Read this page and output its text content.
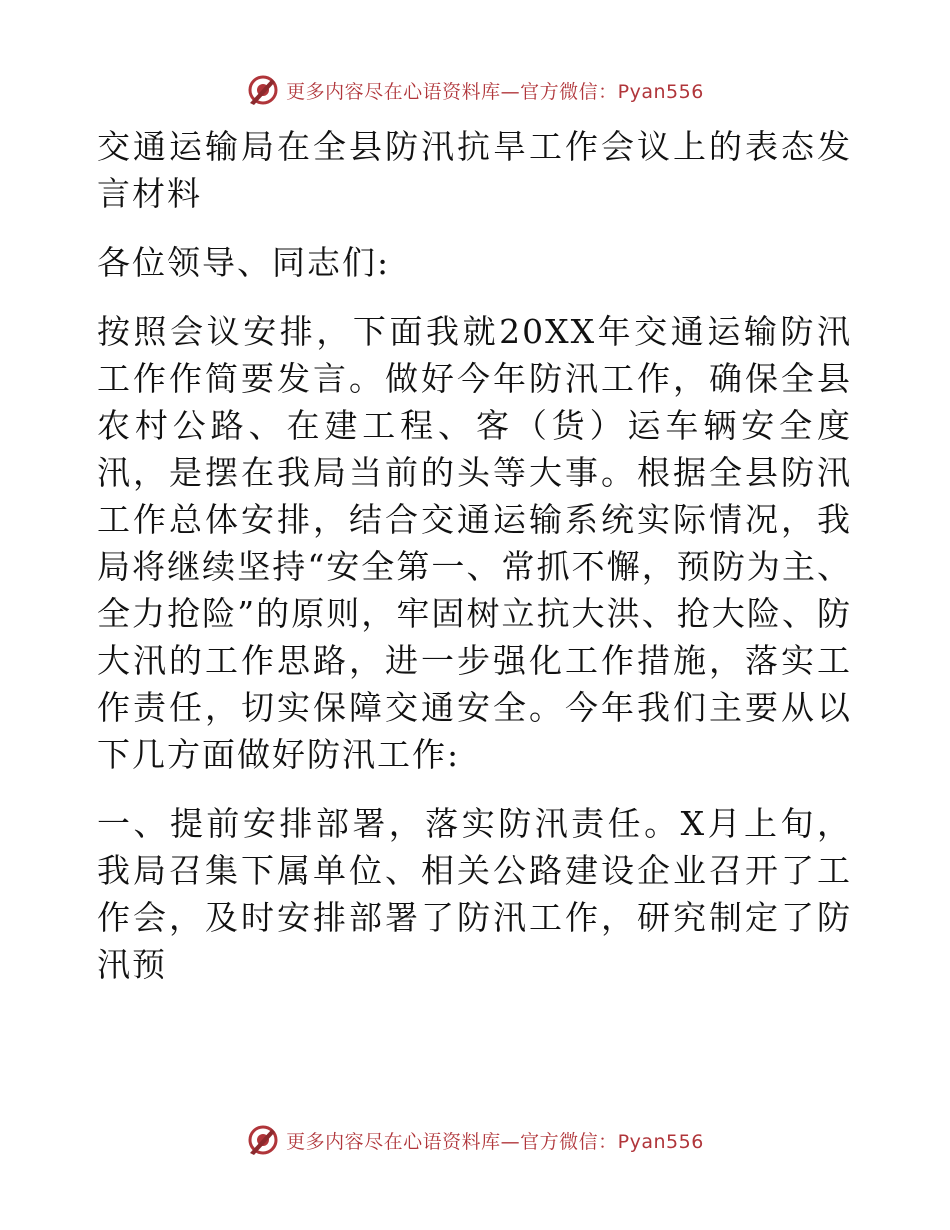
更多内容尽在心语资料库—官方微信：Pyan556

交通运输局在全县防汛抗旱工作会议上的表态发言材料

各位领导、同志们:

按照会议安排，下面我就20XX年交通运输防汛工作作简要发言。做好今年防汛工作，确保全县农村公路、在建工程、客（货）运车辆安全度汛，是摆在我局当前的头等大事。根据全县防汛工作总体安排，结合交通运输系统实际情况，我局将继续坚持“安全第一、常抓不懈，预防为主、全力抢险”的原则，牢固树立抗大洪、抢大险、防大汛的工作思路，进一步强化工作措施，落实工作责任，切实保障交通安全。今年我们主要从以下几方面做好防汛工作:

一、提前安排部署，落实防汛责任。X月上旬，我局召集下属单位、相关公路建设企业召开了工作会，及时安排部署了防汛工作，研究制定了防汛预

更多内容尽在心语资料库—官方微信：Pyan556
